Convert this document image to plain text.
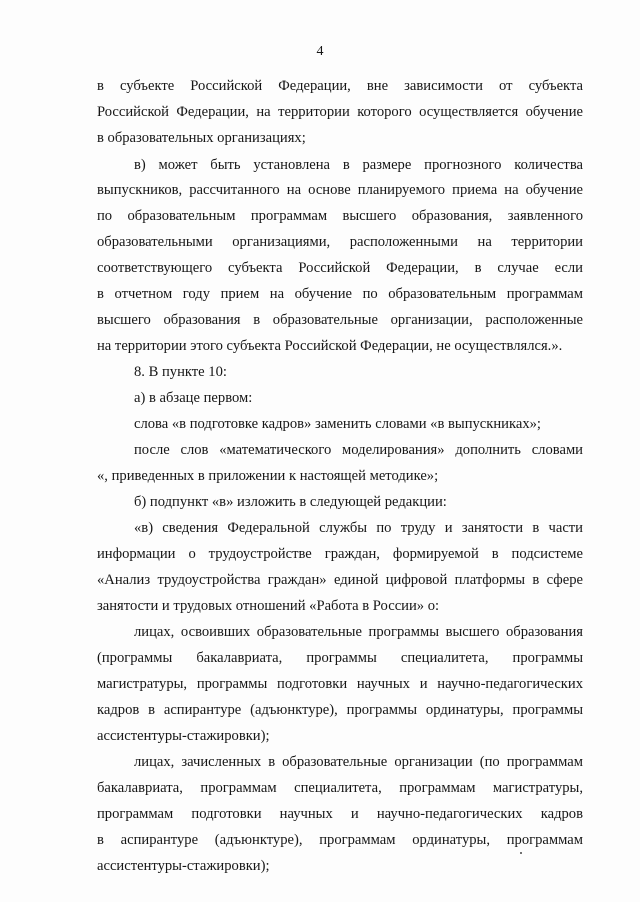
4
в субъекте Российской Федерации, вне зависимости от субъекта
Российской Федерации, на территории которого осуществляется обучение
в образовательных организациях;
в) может быть установлена в размере прогнозного количества
выпускников, рассчитанного на основе планируемого приема на обучение
по образовательным программам высшего образования, заявленного
образовательными организациями, расположенными на территории
соответствующего субъекта Российской Федерации, в случае если
в отчетном году прием на обучение по образовательным программам
высшего образования в образовательные организации, расположенные
на территории этого субъекта Российской Федерации, не осуществлялся.».
8. В пункте 10:
а) в абзаце первом:
слова «в подготовке кадров» заменить словами «в выпускниках»;
после слов «математического моделирования» дополнить словами
«, приведенных в приложении к настоящей методике»;
б) подпункт «в» изложить в следующей редакции:
«в) сведения Федеральной службы по труду и занятости в части
информации о трудоустройстве граждан, формируемой в подсистеме
«Анализ трудоустройства граждан» единой цифровой платформы в сфере
занятости и трудовых отношений «Работа в России» о:
лицах, освоивших образовательные программы высшего образования
(программы бакалавриата, программы специалитета, программы
магистратуры, программы подготовки научных и научно-педагогических
кадров в аспирантуре (адъюнктуре), программы ординатуры, программы
ассистентуры-стажировки);
лицах, зачисленных в образовательные организации (по программам
бакалавриата, программам специалитета, программам магистратуры,
программам подготовки научных и научно-педагогических кадров
в аспирантуре (адъюнктуре), программам ординатуры, программам
ассистентуры-стажировки);
